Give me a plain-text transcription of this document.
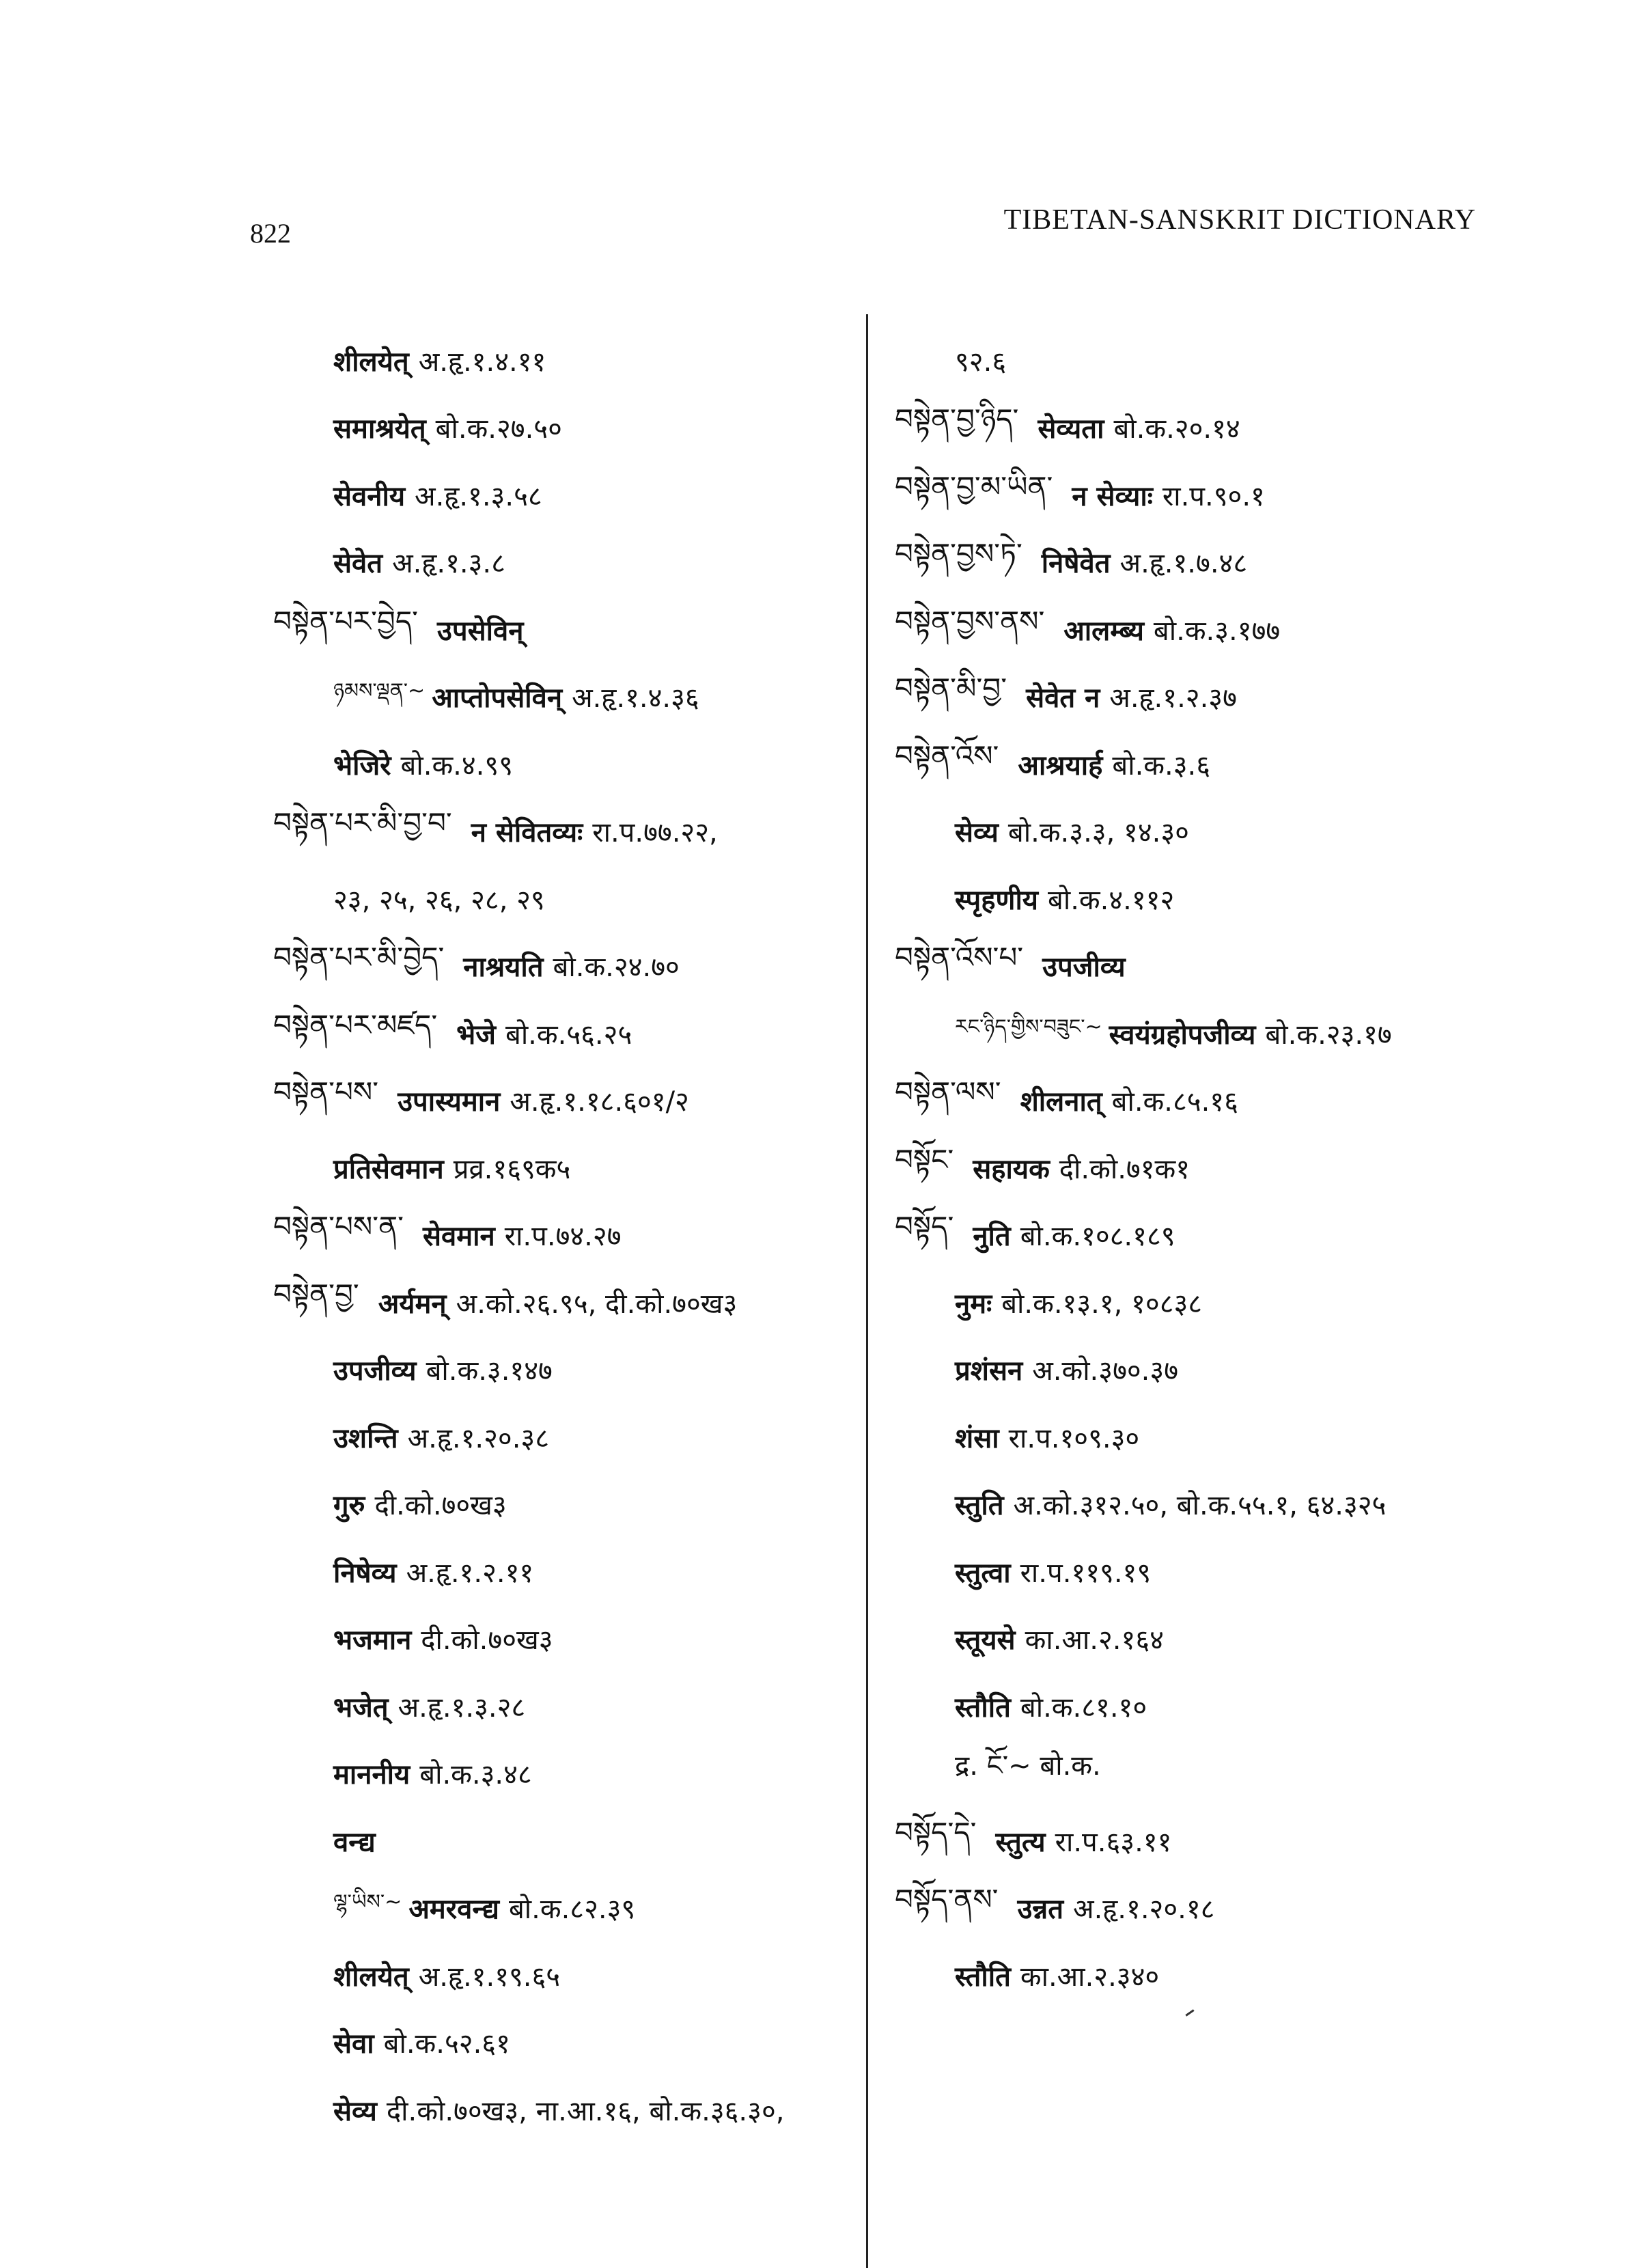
822	TIBETAN-SANSKRIT DICTIONARY
शीलयेत् अ.हृ.१.४.११
समाश्रयेत् बो.क.२७.५०
सेवनीय अ.हृ.१.३.५८
सेवेत अ.हृ.१.३.८
བསྟེན་པར་བྱེད་ उपसेविन्
ཉམས་ལྡན་~ आप्तोपसेविन् अ.हृ.१.४.३६
भेजिरे बो.क.४.९९
བསྟེན་པར་མི་བྱ་བ་ न सेवितव्यः रा.प.७७.२२,
२३, २५, २६, २८, २९
བསྟེན་པར་མི་བྱེད་ नाश्रयति बो.क.२४.७०
བསྟེན་པར་མཛད་ भेजे बो.क.५६.२५
བསྟེན་པས་ उपास्यमान अ.हृ.१.१८.६०१/२
प्रतिसेवमान प्रव्र.१६९क५
བསྟེན་པས་ན་ सेवमान रा.प.७४.२७
བསྟེན་བྱ་ अर्यमन् अ.को.२६.९५, दी.को.७०ख३
उपजीव्य बो.क.३.१४७
उशन्ति अ.हृ.१.२०.३८
गुरु दी.को.७०ख३
निषेव्य अ.हृ.१.२.११
भजमान दी.को.७०ख३
भजेत् अ.हृ.१.३.२८
माननीय बो.क.३.४८
वन्द्य
ལྷ་ཡིས་~ अमरवन्द्य बो.क.८२.३९
शीलयेत् अ.हृ.१.१९.६५
सेवा बो.क.५२.६१
सेव्य दी.को.७०ख३, ना.आ.१६, बो.क.३६.३०,
९२.६
བསྟེན་བྱ་ཉིད་ सेव्यता बो.क.२०.१४
བསྟེན་བྱ་མ་ཡིན་ न सेव्याः रा.प.९०.१
བསྟེན་བྱས་ཏེ་ निषेवेत अ.हृ.१.७.४८
བསྟེན་བྱས་ནས་ आलम्ब्य बो.क.३.१७७
བསྟེན་མི་བྱ་ सेवेत न अ.हृ.१.२.३७
བསྟེན་འོས་ आश्रयार्ह बो.क.३.६
सेव्य बो.क.३.३, १४.३०
स्पृहणीय बो.क.४.११२
བསྟེན་འོས་པ་ उपजीव्य
རང་ཉིད་གྱིས་བཟུང་~ स्वयंग्रहोपजीव्य बो.क.२३.१७
བསྟེན་ལས་ शीलनात् बो.क.८५.१६
བསྟོང་ सहायक दी.को.७१क१
བསྟོད་ नुति बो.क.१०८.१८९
नुमः बो.क.१३.१, १०८३८
प्रशंसन अ.को.३७०.३७
शंसा रा.प.१०९.३०
स्तुति अ.को.३१२.५०, बो.क.५५.१, ६४.३२५
स्तुत्वा रा.प.११९.१९
स्तूयसे का.आ.२.१६४
स्तौति बो.क.८१.१०
द्र. ངོ་~ बो.क.
བསྟོད་དེ་ स्तुत्य रा.प.६३.११
བསྟོད་ནས་ उन्नत अ.हृ.१.२०.१८
स्तौति का.आ.२.३४०
